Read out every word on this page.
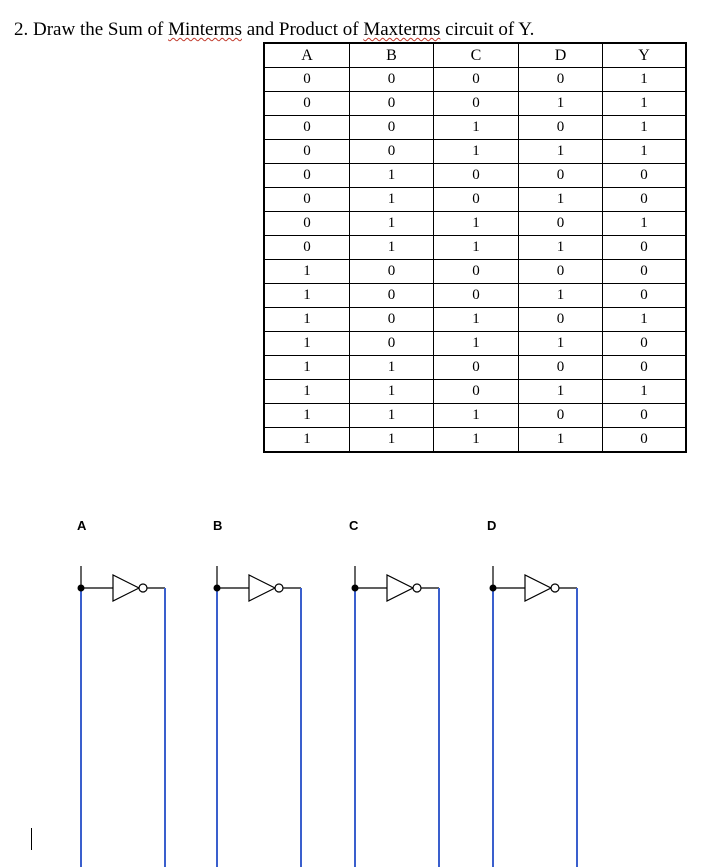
2. Draw the Sum of Minterms and Product of Maxterms circuit of Y.
A	B	C	D	Y
0	0	0	0	1
0	0	0	1	1
0	0	1	0	1
0	0	1	1	1
0	1	0	0	0
0	1	0	1	0
0	1	1	0	1
0	1	1	1	0
1	0	0	0	0
1	0	0	1	0
1	0	1	0	1
1	0	1	1	0
1	1	0	0	0
1	1	0	1	1
1	1	1	0	0
1	1	1	1	0
A	B	C	D
